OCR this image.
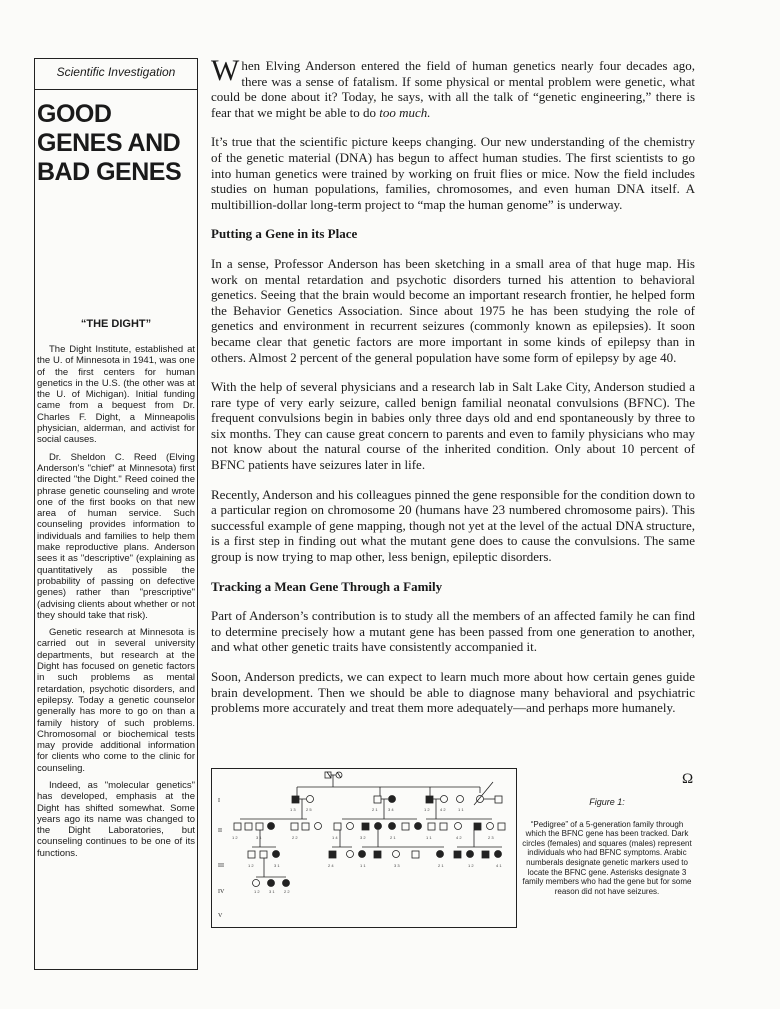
Scientific Investigation
GOOD
GENES AND
BAD GENES
“THE DIGHT”

The Dight Institute, established at the U. of Minnesota in 1941, was one of the first centers for human genetics in the U.S. (the other was at the U. of Michigan). Initial funding came from a bequest from Dr. Charles F. Dight, a Minneapolis physician, alderman, and activist for social causes.

Dr. Sheldon C. Reed (Elving Anderson's "chief" at Minnesota) first directed "the Dight." Reed coined the phrase genetic counseling and wrote one of the first books on that new area of human service. Such counseling provides information to individuals and families to help them make reproductive plans. Anderson sees it as "descriptive" (explaining as quantitatively as possible the probability of passing on defective genes) rather than "prescriptive" (advising clients about whether or not they should take that risk).

Genetic research at Minnesota is carried out in several university departments, but research at the Dight has focused on genetic factors in such problems as mental retardation, psychotic disorders, and epilepsy. Today a genetic counselor generally has more to go on than a family history of such problems. Chromosomal or biochemical tests may provide additional information for clients who come to the clinic for counseling.

Indeed, as "molecular genetics" has developed, emphasis at the Dight has shifted somewhat. Some years ago its name was changed to the Dight Laboratories, but counseling continues to be one of its functions.

When Elving Anderson entered the field of human genetics nearly four decades ago, there was a sense of fatalism. If some physical or mental problem were genetic, what could be done about it? Today, he says, with all the talk of “genetic engineering,” there is fear that we might be able to do too much.

It’s true that the scientific picture keeps changing. Our new understanding of the chemistry of the genetic material (DNA) has begun to affect human studies. The first scientists to go into human genetics were trained by working on fruit flies or mice. Now the field includes studies on human populations, families, chromosomes, and even human DNA itself. A multibillion-dollar long-term project to “map the human genome” is underway.

Putting a Gene in its Place

In a sense, Professor Anderson has been sketching in a small area of that huge map. His work on mental retardation and psychotic disorders turned his attention to behavioral genetics. Seeing that the brain would become an important research frontier, he helped form the Behavior Genetics Association. Since about 1975 he has been studying the role of genetics and environment in recurrent seizures (commonly known as epilepsies). It soon became clear that genetic factors are more important in some kinds of epilepsy than in others. Almost 2 percent of the general population have some form of epilepsy by age 40.

With the help of several physicians and a research lab in Salt Lake City, Anderson studied a rare type of very early seizure, called benign familial neonatal convulsions (BFNC). The frequent convulsions begin in babies only three days old and end spontaneously by three to six months. They can cause great concern to parents and even to family physicians who may not know about the natural course of the inherited condition. Only about 10 percent of BFNC patients have seizures later in life.

Recently, Anderson and his colleagues pinned the gene responsible for the condition down to a particular region on chromosome 20 (humans have 23 numbered chromosome pairs). This successful example of gene mapping, though not yet at the level of the actual DNA structure, is a first step in finding out what the mutant gene does to cause the convulsions. The same group is now trying to map other, less benign, epileptic disorders.

Tracking a Mean Gene Through a Family

Part of Anderson’s contribution is to study all the members of an affected family he can find to determine precisely how a mutant gene has been passed from one generation to another, and what other genetic traits have consistently accompanied it.

Soon, Anderson predicts, we can expect to learn much more about how certain genes guide brain development. Then we should be able to diagnose many behavioral and psychiatric problems more accurately and treat them more adequately—and perhaps more humanely.

Ω
I
II
III
IV
V
1 3	2 5	2 1	3 4	1 2	4 2	1 1
1 2	3 1	2 2	1 4	3 2	2 1	1 1	4 2	2 3
1 2	3 1	2 4	1 1	3 3	2 1	1 2	4 1
1 2 3 1 2 2
Figure 1:
“Pedigree” of a 5-generation family through which the BFNC gene has been tracked. Dark circles (females) and squares (males) represent individuals who had BFNC symptoms. Arabic numberals designate genetic markers used to locate the BFNC gene. Asterisks designate 3 family members who had the gene but for some reason did not have seizures.
